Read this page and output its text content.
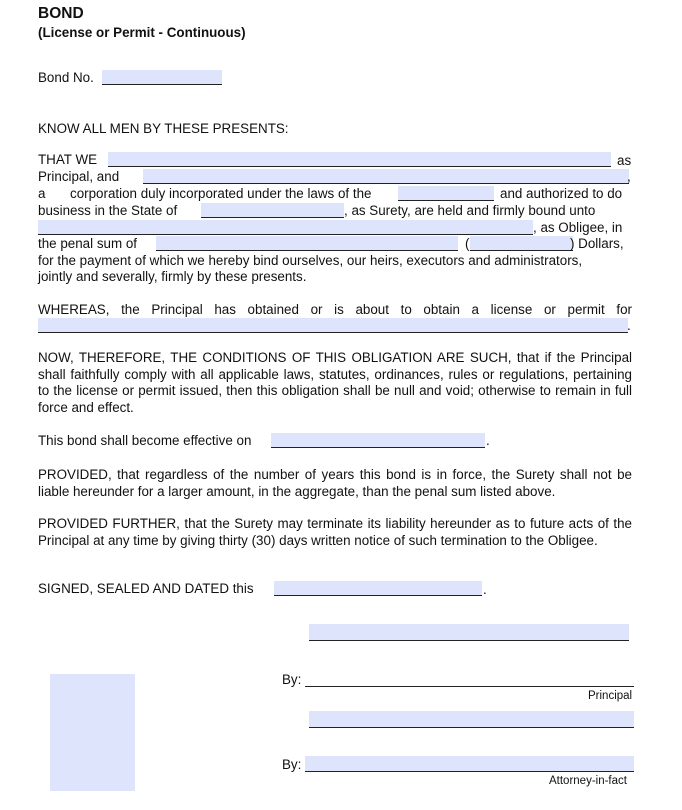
BOND
(License or Permit - Continuous)
Bond No.
KNOW ALL MEN BY THESE PRESENTS:
THAT WE	as
Principal, and	,
a corporation duly incorporated under the laws of the	and authorized to do
business in the State of	, as Surety, are held and firmly bound unto
, as Obligee, in
the penal sum of	(	) Dollars,
for the payment of which we hereby bind ourselves, our heirs, executors and administrators,
jointly and severally, firmly by these presents.
WHEREAS, the Principal has obtained or is about to obtain a license or permit for
.
NOW, THEREFORE, THE CONDITIONS OF THIS OBLIGATION ARE SUCH, that if the Principal shall faithfully comply with all applicable laws, statutes, ordinances, rules or regulations, pertaining to the license or permit issued, then this obligation shall be null and void; otherwise to remain in full force and effect.
This bond shall become effective on	.
PROVIDED, that regardless of the number of years this bond is in force, the Surety shall not be liable hereunder for a larger amount, in the aggregate, than the penal sum listed above.
PROVIDED FURTHER, that the Surety may terminate its liability hereunder as to future acts of the Principal at any time by giving thirty (30) days written notice of such termination to the Obligee.
SIGNED, SEALED AND DATED this	.
By:
Principal
By:
Attorney-in-fact
